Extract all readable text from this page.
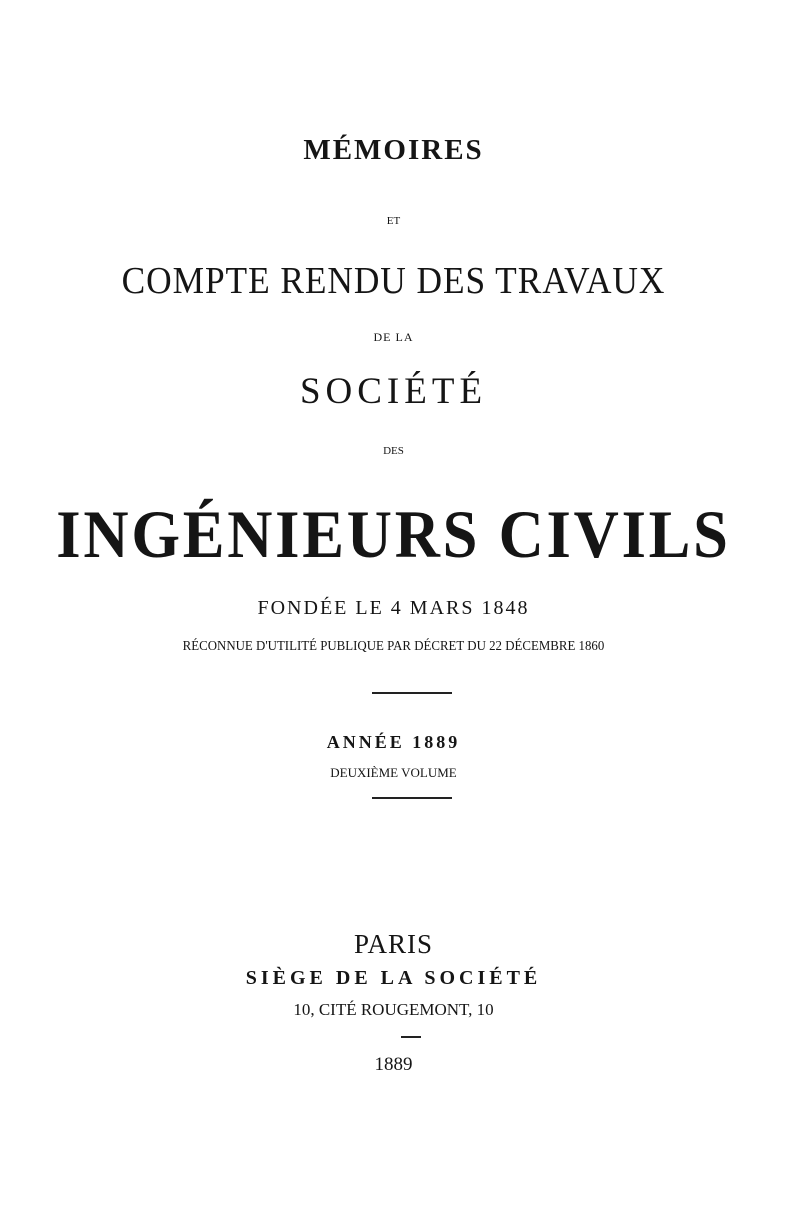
MÉMOIRES
ET
COMPTE RENDU DES TRAVAUX
DE LA
SOCIÉTÉ
DES
INGÉNIEURS CIVILS
FONDÉE LE 4 MARS 1848
RÉCONNUE D'UTILITÉ PUBLIQUE PAR DÉCRET DU 22 DÉCEMBRE 1860
ANNÉE 1889
DEUXIÈME VOLUME
PARIS
SIÈGE DE LA SOCIÉTÉ
10, CITÉ ROUGEMONT, 10
1889
